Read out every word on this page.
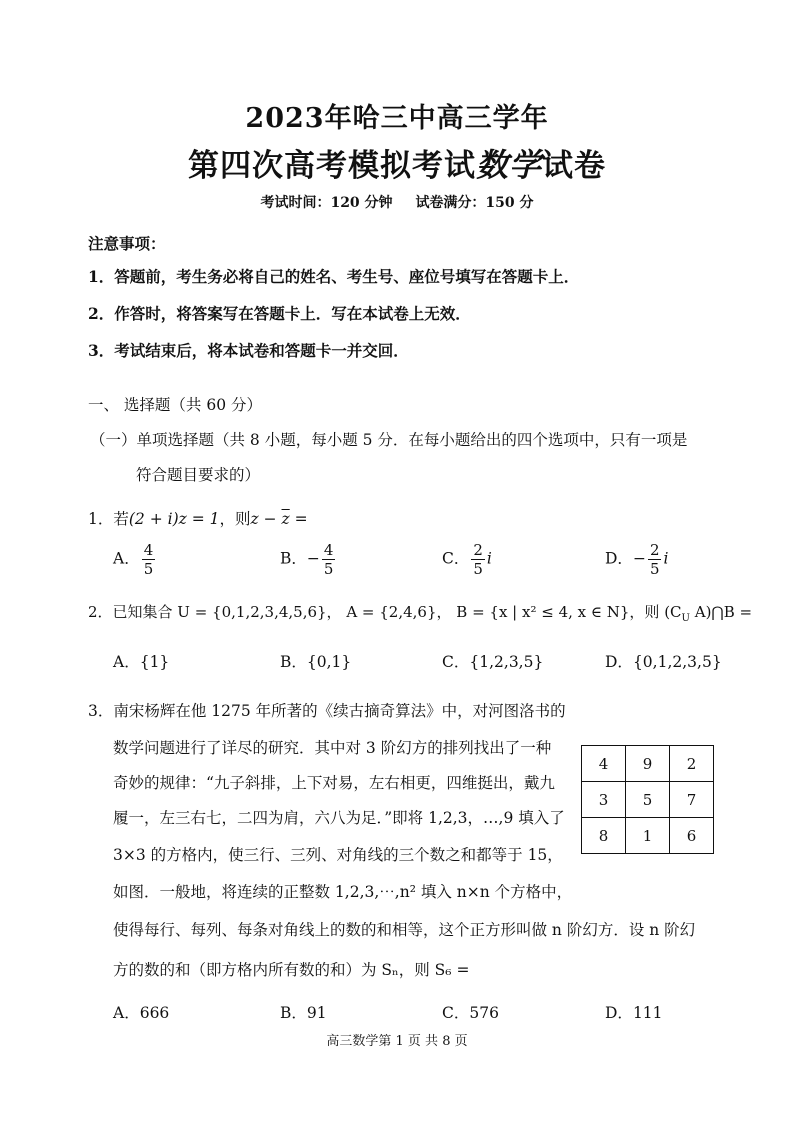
2023年哈三中高三学年
第四次高考模拟考试数学试卷
考试时间：120 分钟 试卷满分：150 分
注意事项：
1．答题前，考生务必将自己的姓名、考生号、座位号填写在答题卡上．
2．作答时，将答案写在答题卡上．写在本试卷上无效．
3．考试结束后，将本试卷和答题卡一并交回．
一、 选择题（共 60 分）
（一）单项选择题（共 8 小题，每小题 5 分．在每小题给出的四个选项中，只有一项是
符合题目要求的）
1．若(2 + i)z = 1，则$z - \overline{z}$ =
A． $\frac{4}{5}$	B．− $\frac{4}{5}$	C． $\frac{2}{5}$ i	D．− $\frac{2}{5}$ i
2．已知集合 U = {0,1,2,3,4,5,6}， A = {2,4,6}， B = {x | x² ≤ 4, x ∈ N}，则 ($C_U$ A)⋂B =
A．{1}	B．{0,1}	C．{1,2,3,5}	D．{0,1,2,3,5}
3．南宋杨辉在他 1275 年所著的《续古摘奇算法》中，对河图洛书的
数学问题进行了详尽的研究．其中对 3 阶幻方的排列找出了一种
奇妙的规律：“九子斜排，上下对易，左右相更，四维挺出，戴九
履一，左三右七，二四为肩，六八为足．”即将 1,2,3，…,9 填入了
3×3 的方格内，使三行、三列、对角线的三个数之和都等于 15，
如图．一般地，将连续的正整数 1,2,3,⋯,n² 填入 n×n 个方格中，
使得每行、每列、每条对角线上的数的和相等，这个正方形叫做 n 阶幻方．设 n 阶幻
方的数的和（即方格内所有数的和）为 Sₙ，则 S₆ =
4	9	2
3	5	7
8	1	6
A．666	B．91	C．576	D．111
高三数学第 1 页 共 8 页
